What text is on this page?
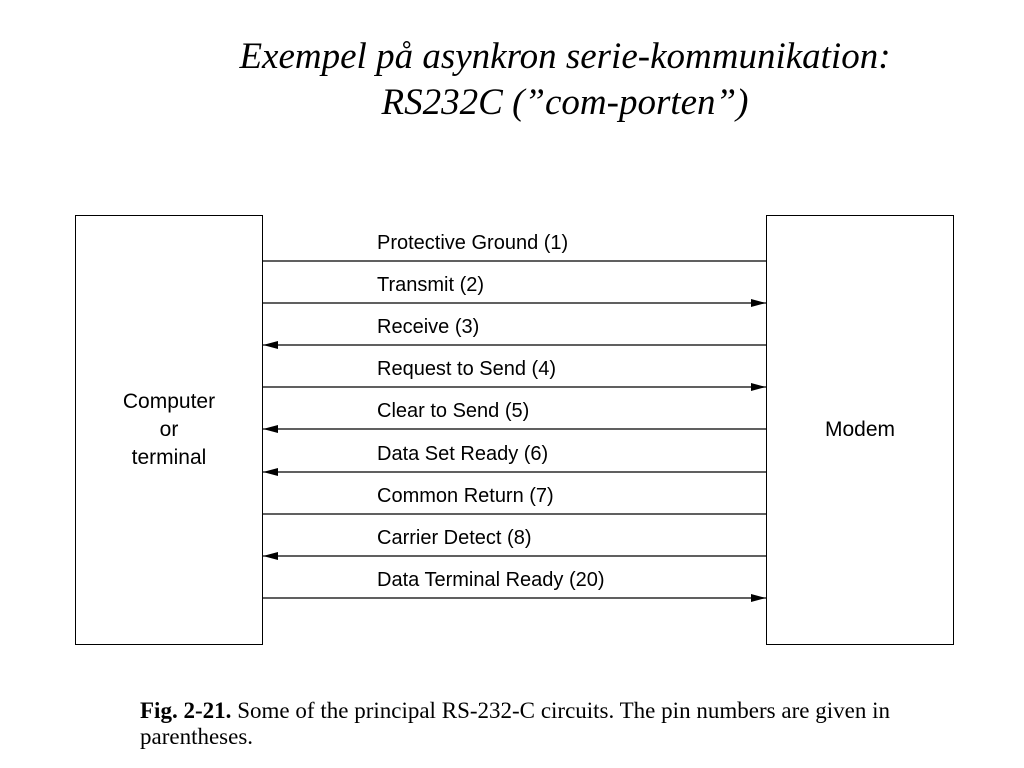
Exempel på asynkron serie-kommunikation:
RS232C (”com-porten”)
Computer
or
terminal
Modem
Protective Ground (1)
Transmit (2)
Receive (3)
Request to Send (4)
Clear to Send (5)
Data Set Ready (6)
Common Return (7)
Carrier Detect (8)
Data Terminal Ready (20)
Fig. 2-21. Some of the principal RS-232-C circuits. The pin numbers are given in parentheses.
